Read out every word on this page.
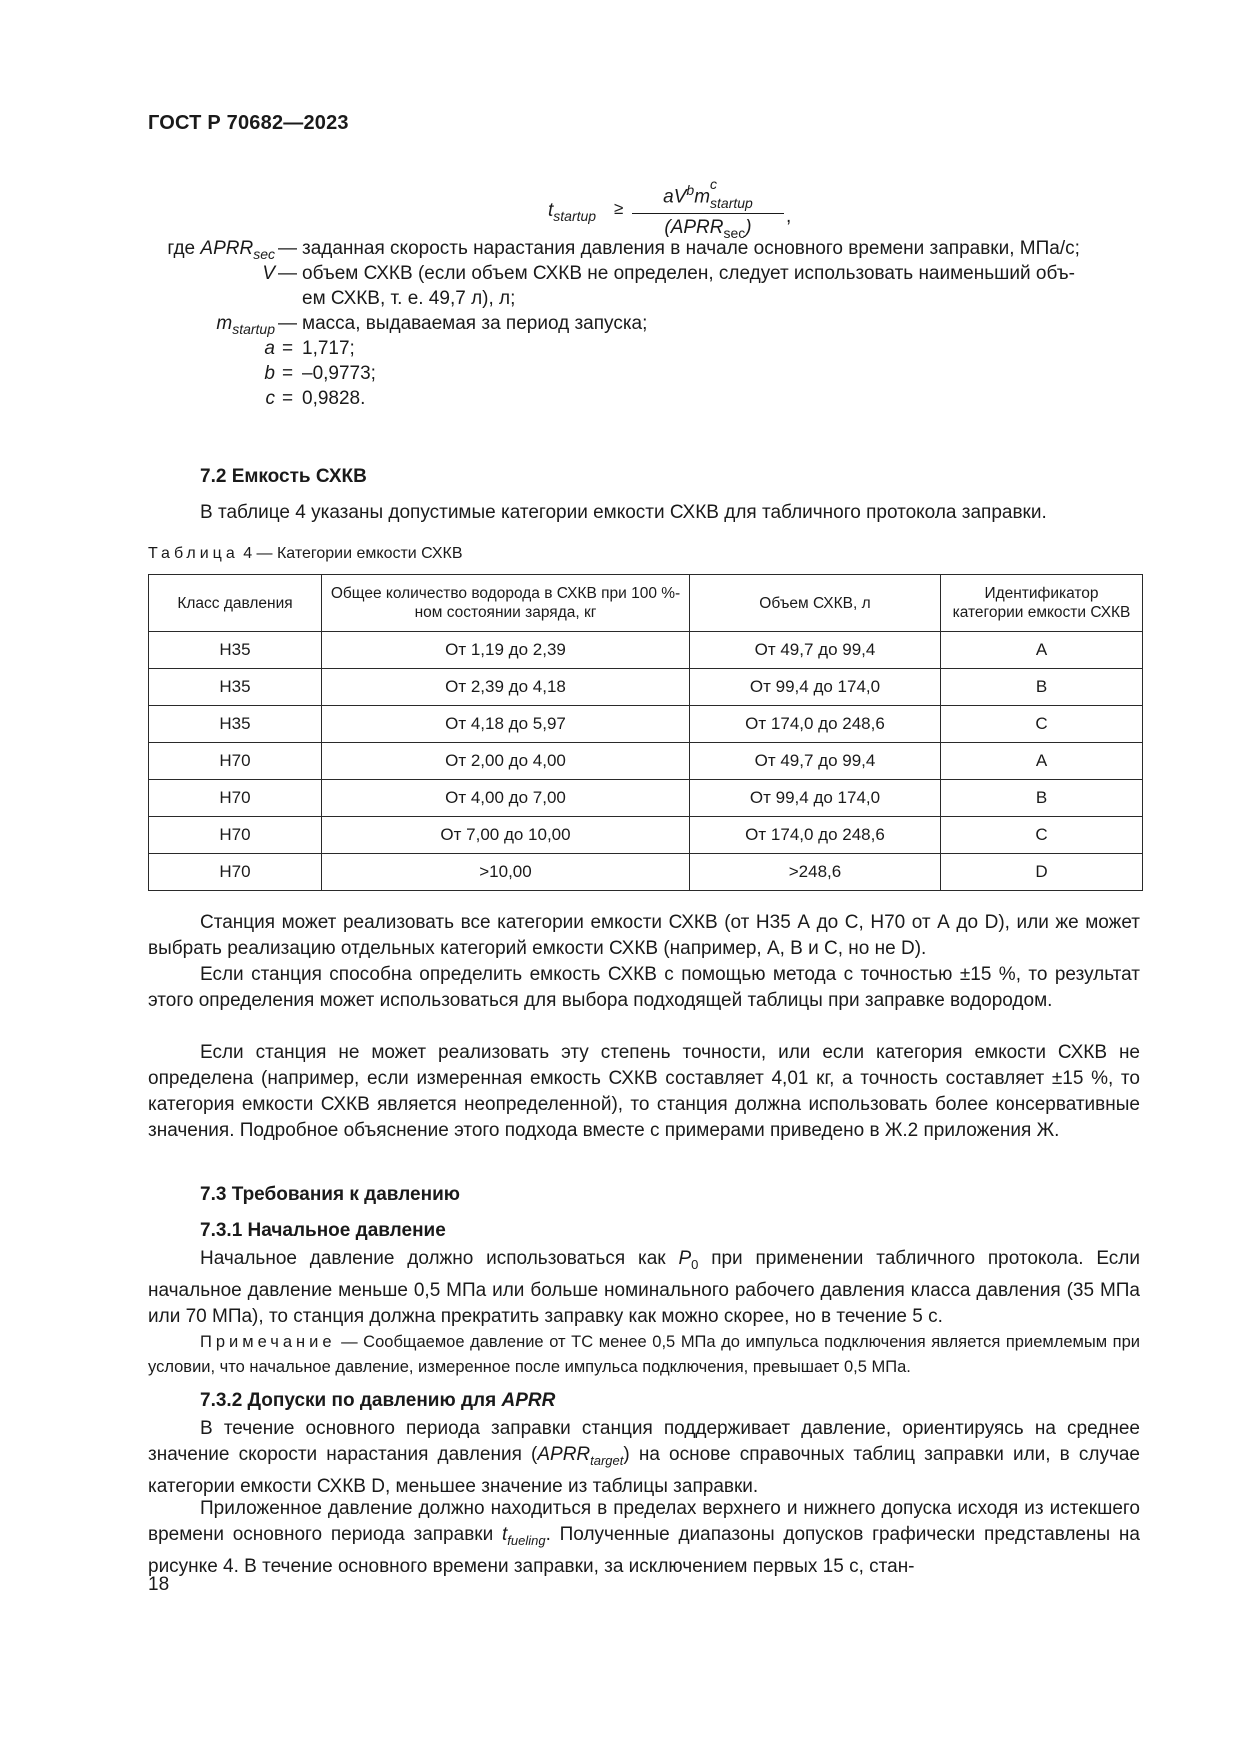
ГОСТ Р 70682—2023
$t_{startup}$ ≥
$aV^bm$
c
$_{startup}$
$(APRR_{sec})$
,
где $APRR_{sec}$ — заданная скорость нарастания давления в начале основного времени заправки, МПа/с;
V — объем СХКВ (если объем СХКВ не определен, следует использовать наименьший объ-
ем СХКВ, т. е. 49,7 л), л;
$m_{startup}$ — масса, выдаваемая за период запуска;
a = 1,717;
b = –0,9773;
c = 0,9828.
7.2 Емкость СХКВ
В таблице 4 указаны допустимые категории емкости СХКВ для табличного протокола заправки.
Таблица 4 — Категории емкости СХКВ
Класс давления	Общее количество водорода в СХКВ при 100 %-ном состоянии заряда, кг	Объем СХКВ, л	Идентификатор категории емкости СХКВ
Н35	От 1,19 до 2,39	От 49,7 до 99,4	А
Н35	От 2,39 до 4,18	От 99,4 до 174,0	В
Н35	От 4,18 до 5,97	От 174,0 до 248,6	С
Н70	От 2,00 до 4,00	От 49,7 до 99,4	А
Н70	От 4,00 до 7,00	От 99,4 до 174,0	В
Н70	От 7,00 до 10,00	От 174,0 до 248,6	С
Н70	>10,00	>248,6	D

Станция может реализовать все категории емкости СХКВ (от Н35 А до С, Н70 от А до D), или же может выбрать реализацию отдельных категорий емкости СХКВ (например, А, В и С, но не D).

Если станция способна определить емкость СХКВ с помощью метода с точностью ±15 %, то результат этого определения может использоваться для выбора подходящей таблицы при заправке водородом.

Если станция не может реализовать эту степень точности, или если категория емкости СХКВ не определена (например, если измеренная емкость СХКВ составляет 4,01 кг, а точность составляет ±15 %, то категория емкости СХКВ является неопределенной), то станция должна использовать более консервативные значения. Подробное объяснение этого подхода вместе с примерами приведено в Ж.2 приложения Ж.

7.3 Требования к давлению
7.3.1 Начальное давление

Начальное давление должно использоваться как $P_0$ при применении табличного протокола. Если начальное давление меньше 0,5 МПа или больше номинального рабочего давления класса давления (35 МПа или 70 МПа), то станция должна прекратить заправку как можно скорее, но в течение 5 с.

Примечание — Сообщаемое давление от ТС менее 0,5 МПа до импульса подключения является приемлемым при условии, что начальное давление, измеренное после импульса подключения, превышает 0,5 МПа.

7.3.2 Допуски по давлению для APRR

В течение основного периода заправки станция поддерживает давление, ориентируясь на среднее значение скорости нарастания давления $(APRR_{target})$ на основе справочных таблиц заправки или, в случае категории емкости СХКВ D, меньшее значение из таблицы заправки.

Приложенное давление должно находиться в пределах верхнего и нижнего допуска исходя из истекшего времени основного периода заправки $t_{fueling}$. Полученные диапазоны допусков графически представлены на рисунке 4. В течение основного времени заправки, за исключением первых 15 с, стан-

18
